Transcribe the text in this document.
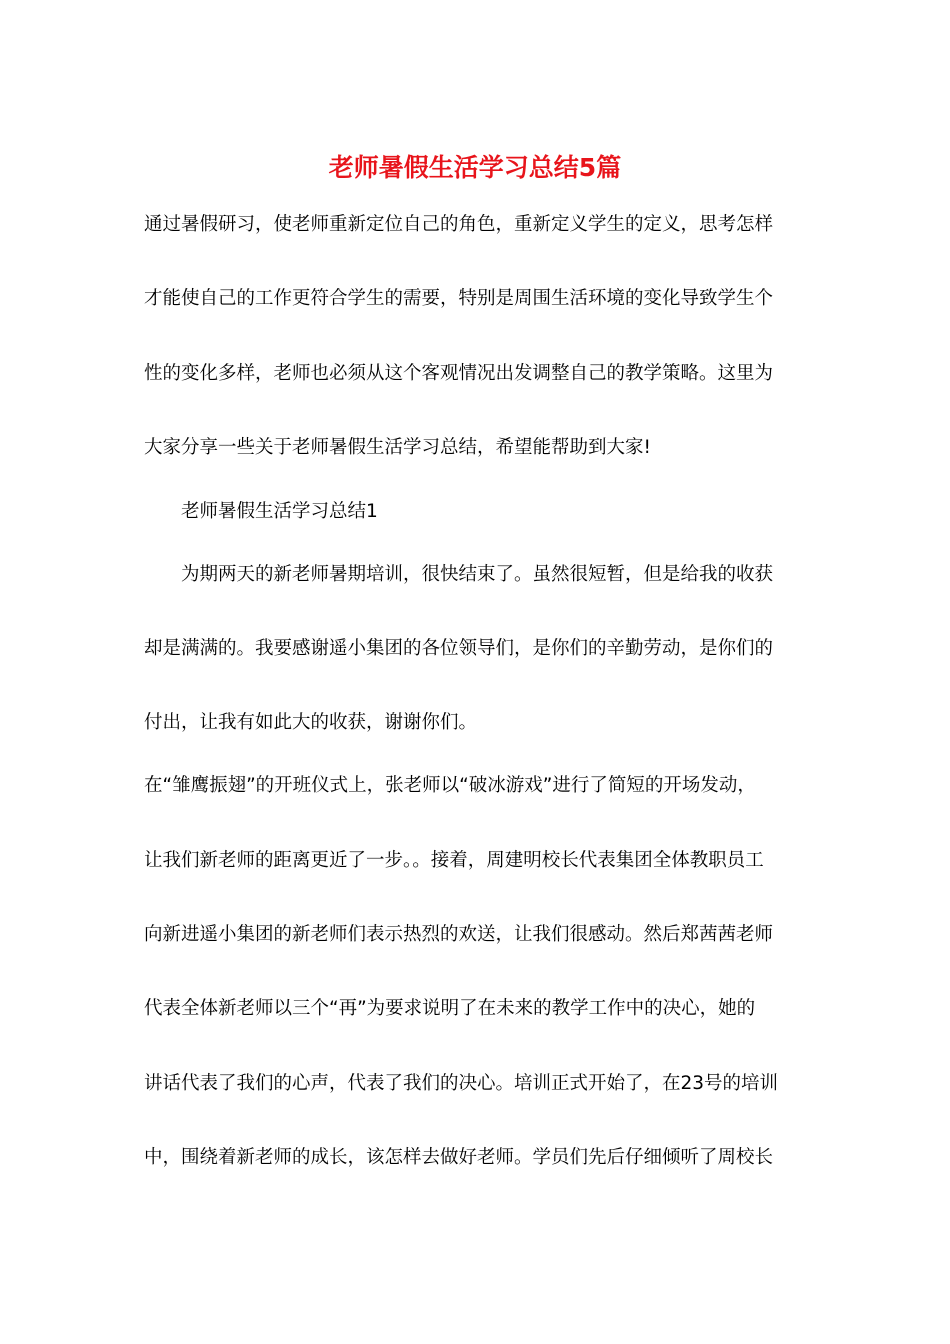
老师暑假生活学习总结5篇
通过暑假研习，使老师重新定位自己的角色，重新定义学生的定义，思考怎样
才能使自己的工作更符合学生的需要，特别是周围生活环境的变化导致学生个
性的变化多样，老师也必须从这个客观情况出发调整自己的教学策略。这里为
大家分享一些关于老师暑假生活学习总结，希望能帮助到大家!
老师暑假生活学习总结1
为期两天的新老师暑期培训，很快结束了。虽然很短暂，但是给我的收获
却是满满的。我要感谢遥小集团的各位领导们，是你们的辛勤劳动，是你们的
付出，让我有如此大的收获，谢谢你们。
在“雏鹰振翅”的开班仪式上，张老师以“破冰游戏”进行了简短的开场发动，
让我们新老师的距离更近了一步。。接着，周建明校长代表集团全体教职员工
向新进遥小集团的新老师们表示热烈的欢送，让我们很感动。然后郑茜茜老师
代表全体新老师以三个“再”为要求说明了在未来的教学工作中的决心，她的
讲话代表了我们的心声，代表了我们的决心。培训正式开始了，在23号的培训
中，围绕着新老师的成长，该怎样去做好老师。学员们先后仔细倾听了周校长
